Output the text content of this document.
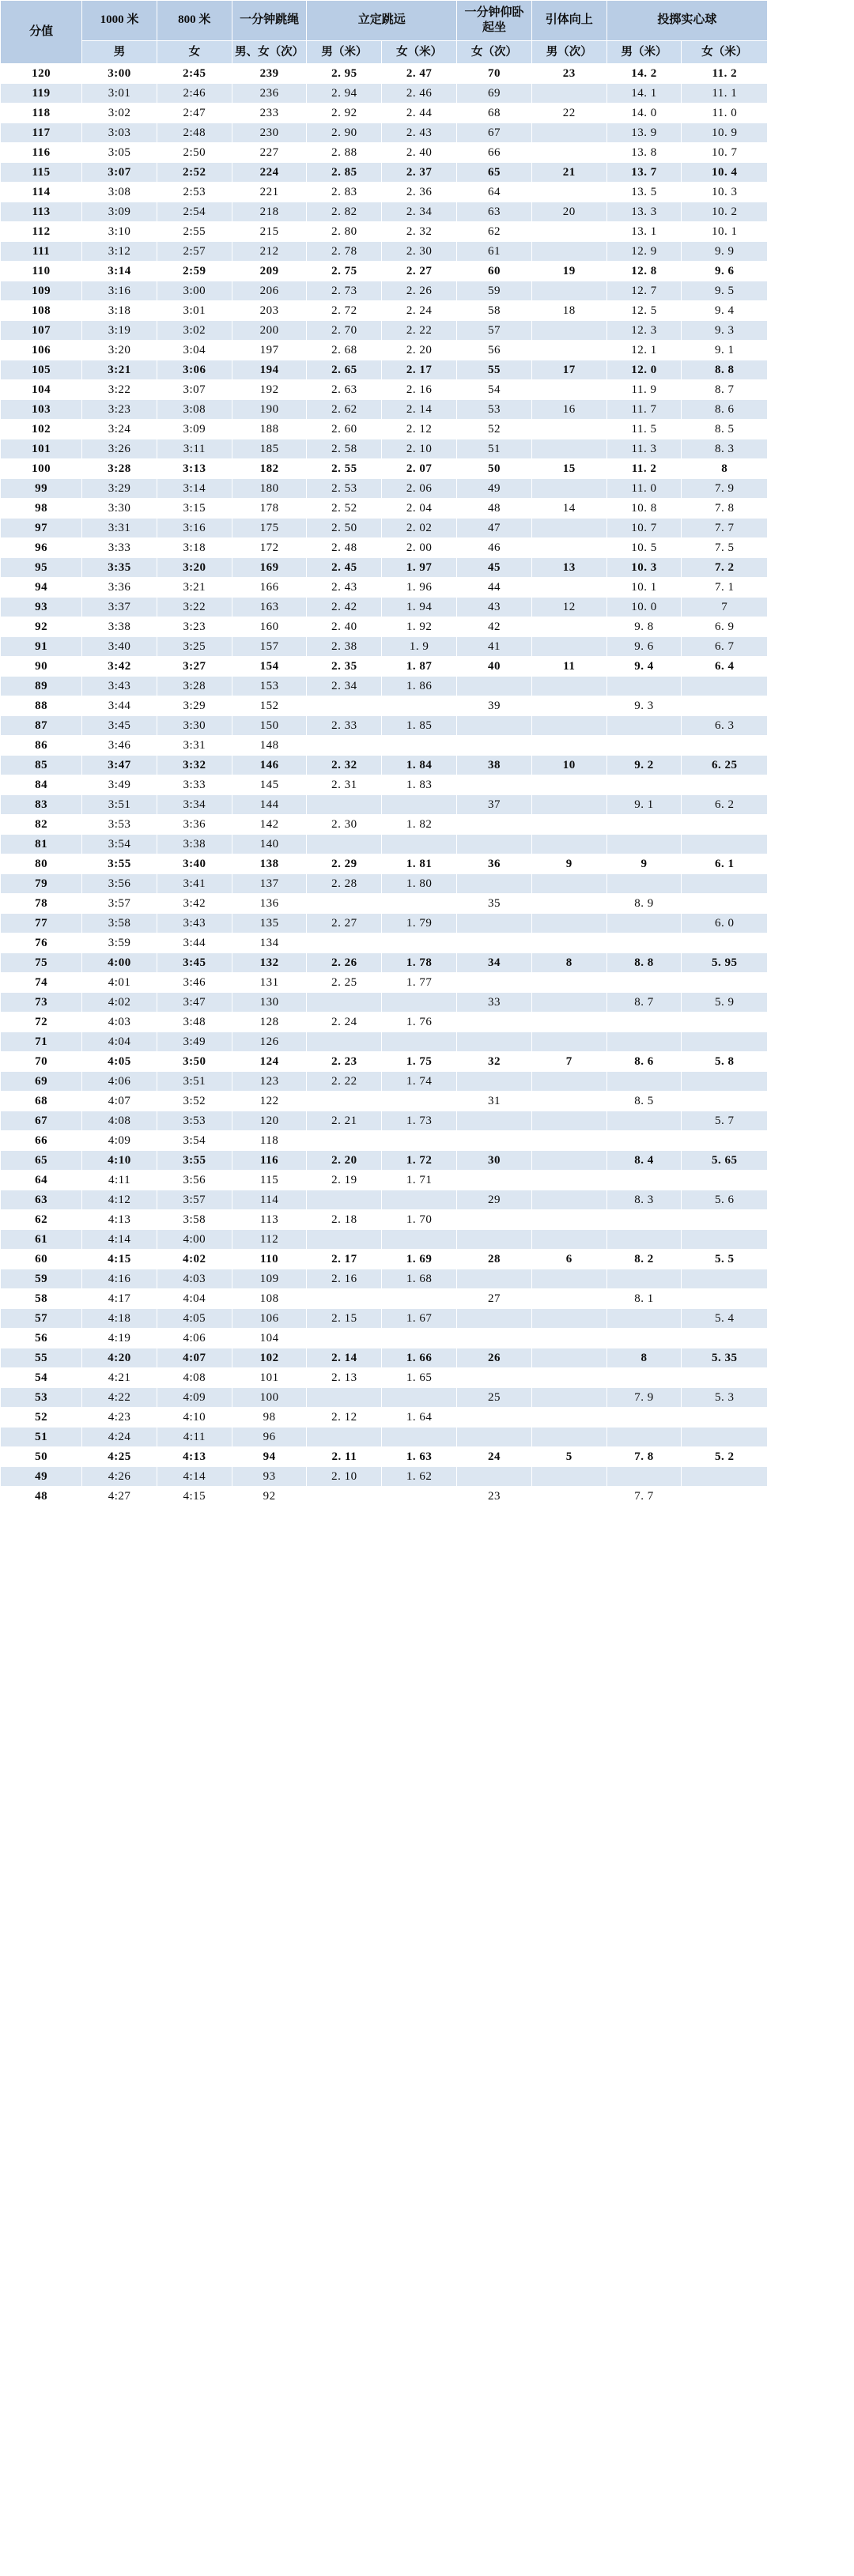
分值	1000 米	800 米	一分钟跳绳	立定跳远		一分钟仰卧起坐	引体向上	投掷实心球	
	男	女	男、女（次）	男（米）	女（米）	女（次）	男（次）	男（米）	女（米）
120	3:00	2:45	239	2. 95	2. 47	70	23	14. 2	11. 2
119	3:01	2:46	236	2. 94	2. 46	69		14. 1	11. 1
118	3:02	2:47	233	2. 92	2. 44	68	22	14. 0	11. 0
117	3:03	2:48	230	2. 90	2. 43	67		13. 9	10. 9
116	3:05	2:50	227	2. 88	2. 40	66		13. 8	10. 7
115	3:07	2:52	224	2. 85	2. 37	65	21	13. 7	10. 4
114	3:08	2:53	221	2. 83	2. 36	64		13. 5	10. 3
113	3:09	2:54	218	2. 82	2. 34	63	20	13. 3	10. 2
112	3:10	2:55	215	2. 80	2. 32	62		13. 1	10. 1
111	3:12	2:57	212	2. 78	2. 30	61		12. 9	9. 9
110	3:14	2:59	209	2. 75	2. 27	60	19	12. 8	9. 6
109	3:16	3:00	206	2. 73	2. 26	59		12. 7	9. 5
108	3:18	3:01	203	2. 72	2. 24	58	18	12. 5	9. 4
107	3:19	3:02	200	2. 70	2. 22	57		12. 3	9. 3
106	3:20	3:04	197	2. 68	2. 20	56		12. 1	9. 1
105	3:21	3:06	194	2. 65	2. 17	55	17	12. 0	8. 8
104	3:22	3:07	192	2. 63	2. 16	54		11. 9	8. 7
103	3:23	3:08	190	2. 62	2. 14	53	16	11. 7	8. 6
102	3:24	3:09	188	2. 60	2. 12	52		11. 5	8. 5
101	3:26	3:11	185	2. 58	2. 10	51		11. 3	8. 3
100	3:28	3:13	182	2. 55	2. 07	50	15	11. 2	8
99	3:29	3:14	180	2. 53	2. 06	49		11. 0	7. 9
98	3:30	3:15	178	2. 52	2. 04	48	14	10. 8	7. 8
97	3:31	3:16	175	2. 50	2. 02	47		10. 7	7. 7
96	3:33	3:18	172	2. 48	2. 00	46		10. 5	7. 5
95	3:35	3:20	169	2. 45	1. 97	45	13	10. 3	7. 2
94	3:36	3:21	166	2. 43	1. 96	44		10. 1	7. 1
93	3:37	3:22	163	2. 42	1. 94	43	12	10. 0	7
92	3:38	3:23	160	2. 40	1. 92	42		9. 8	6. 9
91	3:40	3:25	157	2. 38	1. 9	41		9. 6	6. 7
90	3:42	3:27	154	2. 35	1. 87	40	11	9. 4	6. 4
89	3:43	3:28	153	2. 34	1. 86				
88	3:44	3:29	152			39		9. 3	
87	3:45	3:30	150	2. 33	1. 85				6. 3
86	3:46	3:31	148						
85	3:47	3:32	146	2. 32	1. 84	38	10	9. 2	6. 25
84	3:49	3:33	145	2. 31	1. 83				
83	3:51	3:34	144			37		9. 1	6. 2
82	3:53	3:36	142	2. 30	1. 82				
81	3:54	3:38	140						
80	3:55	3:40	138	2. 29	1. 81	36	9	9	6. 1
79	3:56	3:41	137	2. 28	1. 80				
78	3:57	3:42	136			35		8. 9	
77	3:58	3:43	135	2. 27	1. 79				6. 0
76	3:59	3:44	134						
75	4:00	3:45	132	2. 26	1. 78	34	8	8. 8	5. 95
74	4:01	3:46	131	2. 25	1. 77				
73	4:02	3:47	130			33		8. 7	5. 9
72	4:03	3:48	128	2. 24	1. 76				
71	4:04	3:49	126						
70	4:05	3:50	124	2. 23	1. 75	32	7	8. 6	5. 8
69	4:06	3:51	123	2. 22	1. 74				
68	4:07	3:52	122			31		8. 5	
67	4:08	3:53	120	2. 21	1. 73				5. 7
66	4:09	3:54	118						
65	4:10	3:55	116	2. 20	1. 72	30		8. 4	5. 65
64	4:11	3:56	115	2. 19	1. 71				
63	4:12	3:57	114			29		8. 3	5. 6
62	4:13	3:58	113	2. 18	1. 70				
61	4:14	4:00	112						
60	4:15	4:02	110	2. 17	1. 69	28	6	8. 2	5. 5
59	4:16	4:03	109	2. 16	1. 68				
58	4:17	4:04	108			27		8. 1	
57	4:18	4:05	106	2. 15	1. 67				5. 4
56	4:19	4:06	104						
55	4:20	4:07	102	2. 14	1. 66	26		8	5. 35
54	4:21	4:08	101	2. 13	1. 65				
53	4:22	4:09	100			25		7. 9	5. 3
52	4:23	4:10	98	2. 12	1. 64				
51	4:24	4:11	96						
50	4:25	4:13	94	2. 11	1. 63	24	5	7. 8	5. 2
49	4:26	4:14	93	2. 10	1. 62				
48	4:27	4:15	92			23		7. 7	
